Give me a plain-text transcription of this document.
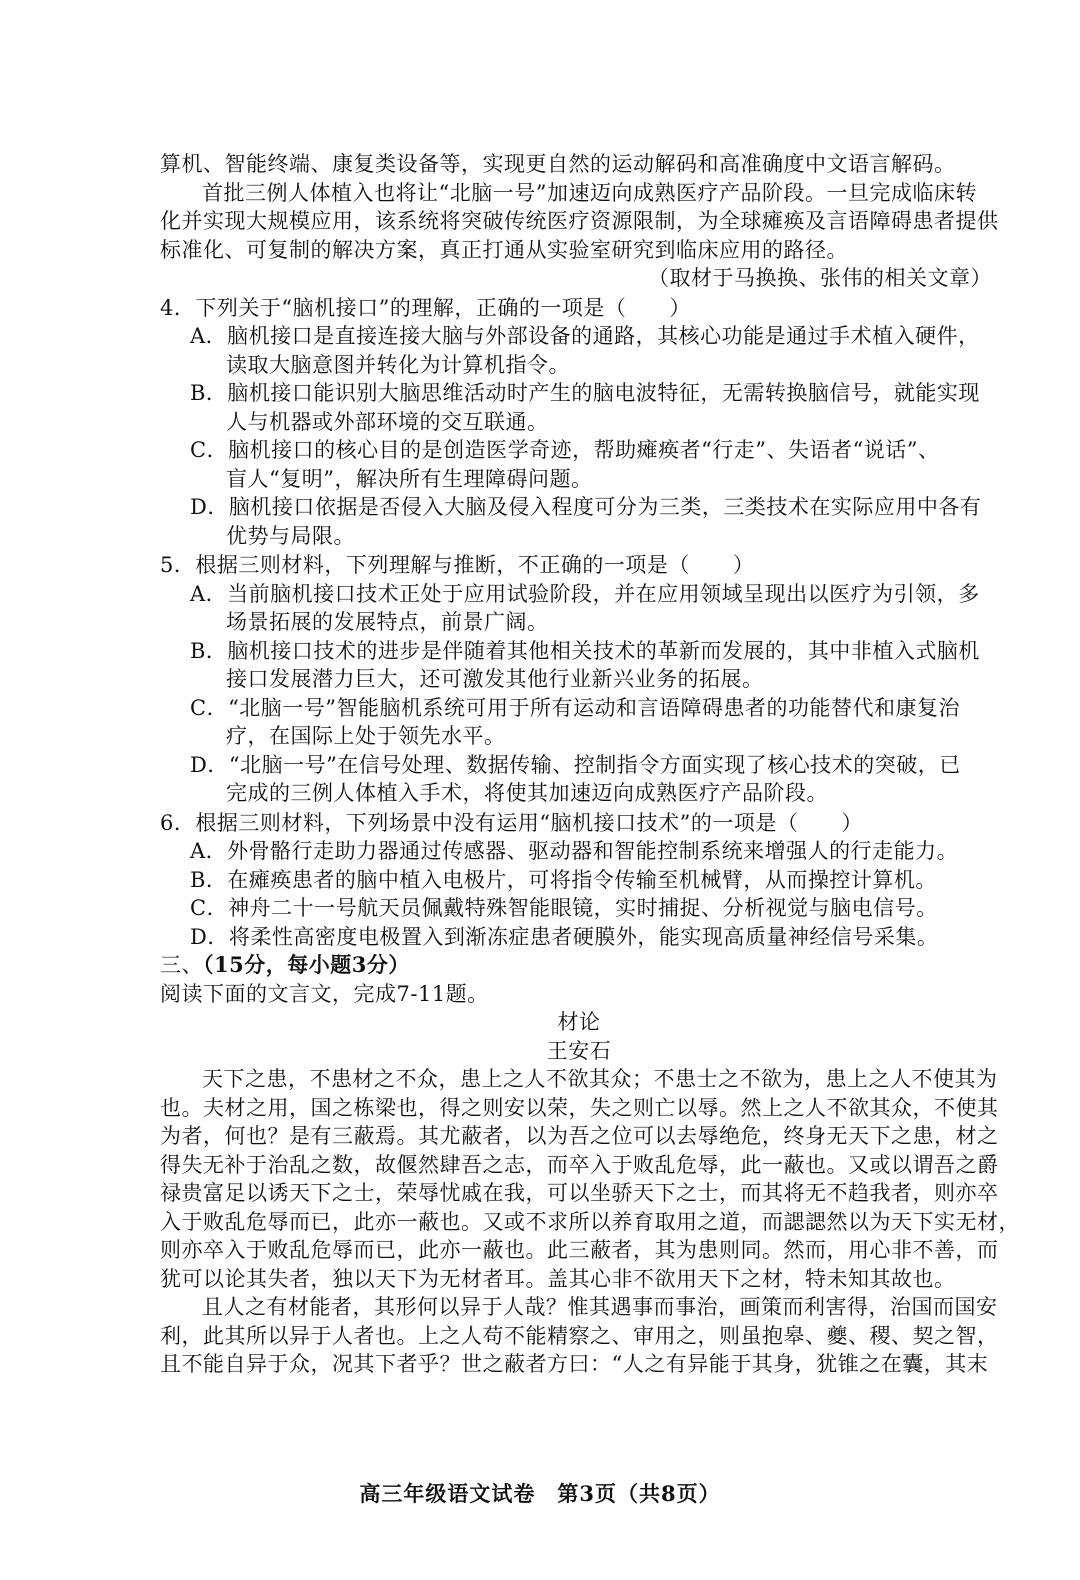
算机、智能终端、康复类设备等，实现更自然的运动解码和高准确度中文语言解码。
首批三例人体植入也将让“北脑一号”加速迈向成熟医疗产品阶段。一旦完成临床转
化并实现大规模应用，该系统将突破传统医疗资源限制，为全球瘫痪及言语障碍患者提供
标准化、可复制的解决方案，真正打通从实验室研究到临床应用的路径。
（取材于马换换、张伟的相关文章）
4．下列关于“脑机接口”的理解，正确的一项是（　　）
A．脑机接口是直接连接大脑与外部设备的通路，其核心功能是通过手术植入硬件，
读取大脑意图并转化为计算机指令。
B．脑机接口能识别大脑思维活动时产生的脑电波特征，无需转换脑信号，就能实现
人与机器或外部环境的交互联通。
C．脑机接口的核心目的是创造医学奇迹，帮助瘫痪者“行走”、失语者“说话”、
盲人“复明”，解决所有生理障碍问题。
D．脑机接口依据是否侵入大脑及侵入程度可分为三类，三类技术在实际应用中各有
优势与局限。
5．根据三则材料，下列理解与推断，不正确的一项是（　　）
A．当前脑机接口技术正处于应用试验阶段，并在应用领域呈现出以医疗为引领，多
场景拓展的发展特点，前景广阔。
B．脑机接口技术的进步是伴随着其他相关技术的革新而发展的，其中非植入式脑机
接口发展潜力巨大，还可激发其他行业新兴业务的拓展。
C．“北脑一号”智能脑机系统可用于所有运动和言语障碍患者的功能替代和康复治
疗，在国际上处于领先水平。
D．“北脑一号”在信号处理、数据传输、控制指令方面实现了核心技术的突破，已
完成的三例人体植入手术，将使其加速迈向成熟医疗产品阶段。
6．根据三则材料，下列场景中没有运用“脑机接口技术”的一项是（　　）
A．外骨骼行走助力器通过传感器、驱动器和智能控制系统来增强人的行走能力。
B．在瘫痪患者的脑中植入电极片，可将指令传输至机械臂，从而操控计算机。
C．神舟二十一号航天员佩戴特殊智能眼镜，实时捕捉、分析视觉与脑电信号。
D．将柔性高密度电极置入到渐冻症患者硬膜外，能实现高质量神经信号采集。
三、（15分，每小题3分）
阅读下面的文言文，完成7-11题。
材论
王安石
天下之患，不患材之不众，患上之人不欲其众；不患士之不欲为，患上之人不使其为
也。夫材之用，国之栋梁也，得之则安以荣，失之则亡以辱。然上之人不欲其众，不使其
为者，何也？是有三蔽焉。其尤蔽者，以为吾之位可以去辱绝危，终身无天下之患，材之
得失无补于治乱之数，故偃然肆吾之志，而卒入于败乱危辱，此一蔽也。又或以谓吾之爵
禄贵富足以诱天下之士，荣辱忧戚在我，可以坐骄天下之士，而其将无不趋我者，则亦卒
入于败乱危辱而已，此亦一蔽也。又或不求所以养育取用之道，而諰諰然以为天下实无材，
则亦卒入于败乱危辱而已，此亦一蔽也。此三蔽者，其为患则同。然而，用心非不善，而
犹可以论其失者，独以天下为无材者耳。盖其心非不欲用天下之材，特未知其故也。
且人之有材能者，其形何以异于人哉？惟其遇事而事治，画策而利害得，治国而国安
利，此其所以异于人者也。上之人苟不能精察之、审用之，则虽抱皋、夔、稷、契之智，
且不能自异于众，况其下者乎？世之蔽者方曰：“人之有异能于其身，犹锥之在囊，其末
高三年级语文试卷　第3页（共8页）
